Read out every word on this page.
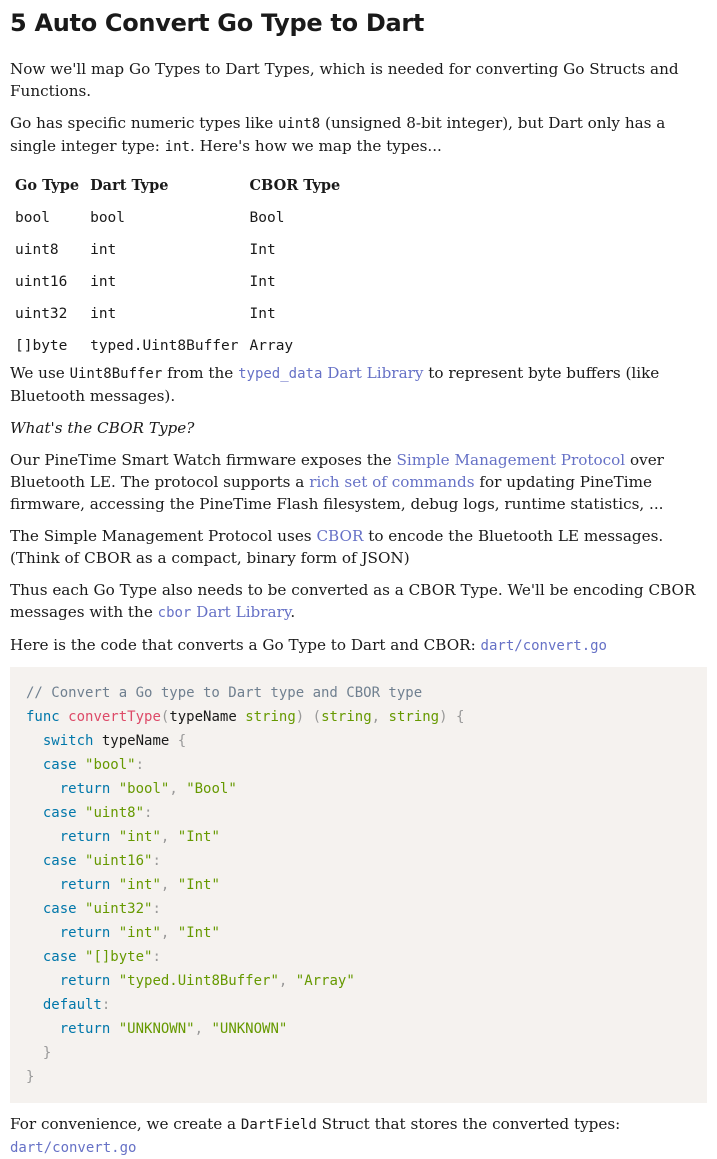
5 Auto Convert Go Type to Dart

Now we'll map Go Types to Dart Types, which is needed for converting Go Structs and Functions.

Go has specific numeric types like uint8 (unsigned 8-bit integer), but Dart only has a single integer type: int. Here's how we map the types...

Go Type	Dart Type	CBOR Type
bool	bool	Bool
uint8	int	Int
uint16	int	Int
uint32	int	Int
[]byte	typed.Uint8Buffer	Array

We use Uint8Buffer from the typed_data Dart Library to represent byte buffers (like Bluetooth messages).

What's the CBOR Type?

Our PineTime Smart Watch firmware exposes the Simple Management Protocol over Bluetooth LE. The protocol supports a rich set of commands for updating PineTime firmware, accessing the PineTime Flash filesystem, debug logs, runtime statistics, ...

The Simple Management Protocol uses CBOR to encode the Bluetooth LE messages. (Think of CBOR as a compact, binary form of JSON)

Thus each Go Type also needs to be converted as a CBOR Type. We'll be encoding CBOR messages with the cbor Dart Library.

Here is the code that converts a Go Type to Dart and CBOR: dart/convert.go

// Convert a Go type to Dart type and CBOR type
func convertType(typeName string) (string, string) {
switch typeName {
case "bool":
return "bool", "Bool"
case "uint8":
return "int", "Int"
case "uint16":
return "int", "Int"
case "uint32":
return "int", "Int"
case "[]byte":
return "typed.Uint8Buffer", "Array"
default:
return "UNKNOWN", "UNKNOWN"
}
}

For convenience, we create a DartField Struct that stores the converted types:
dart/convert.go
